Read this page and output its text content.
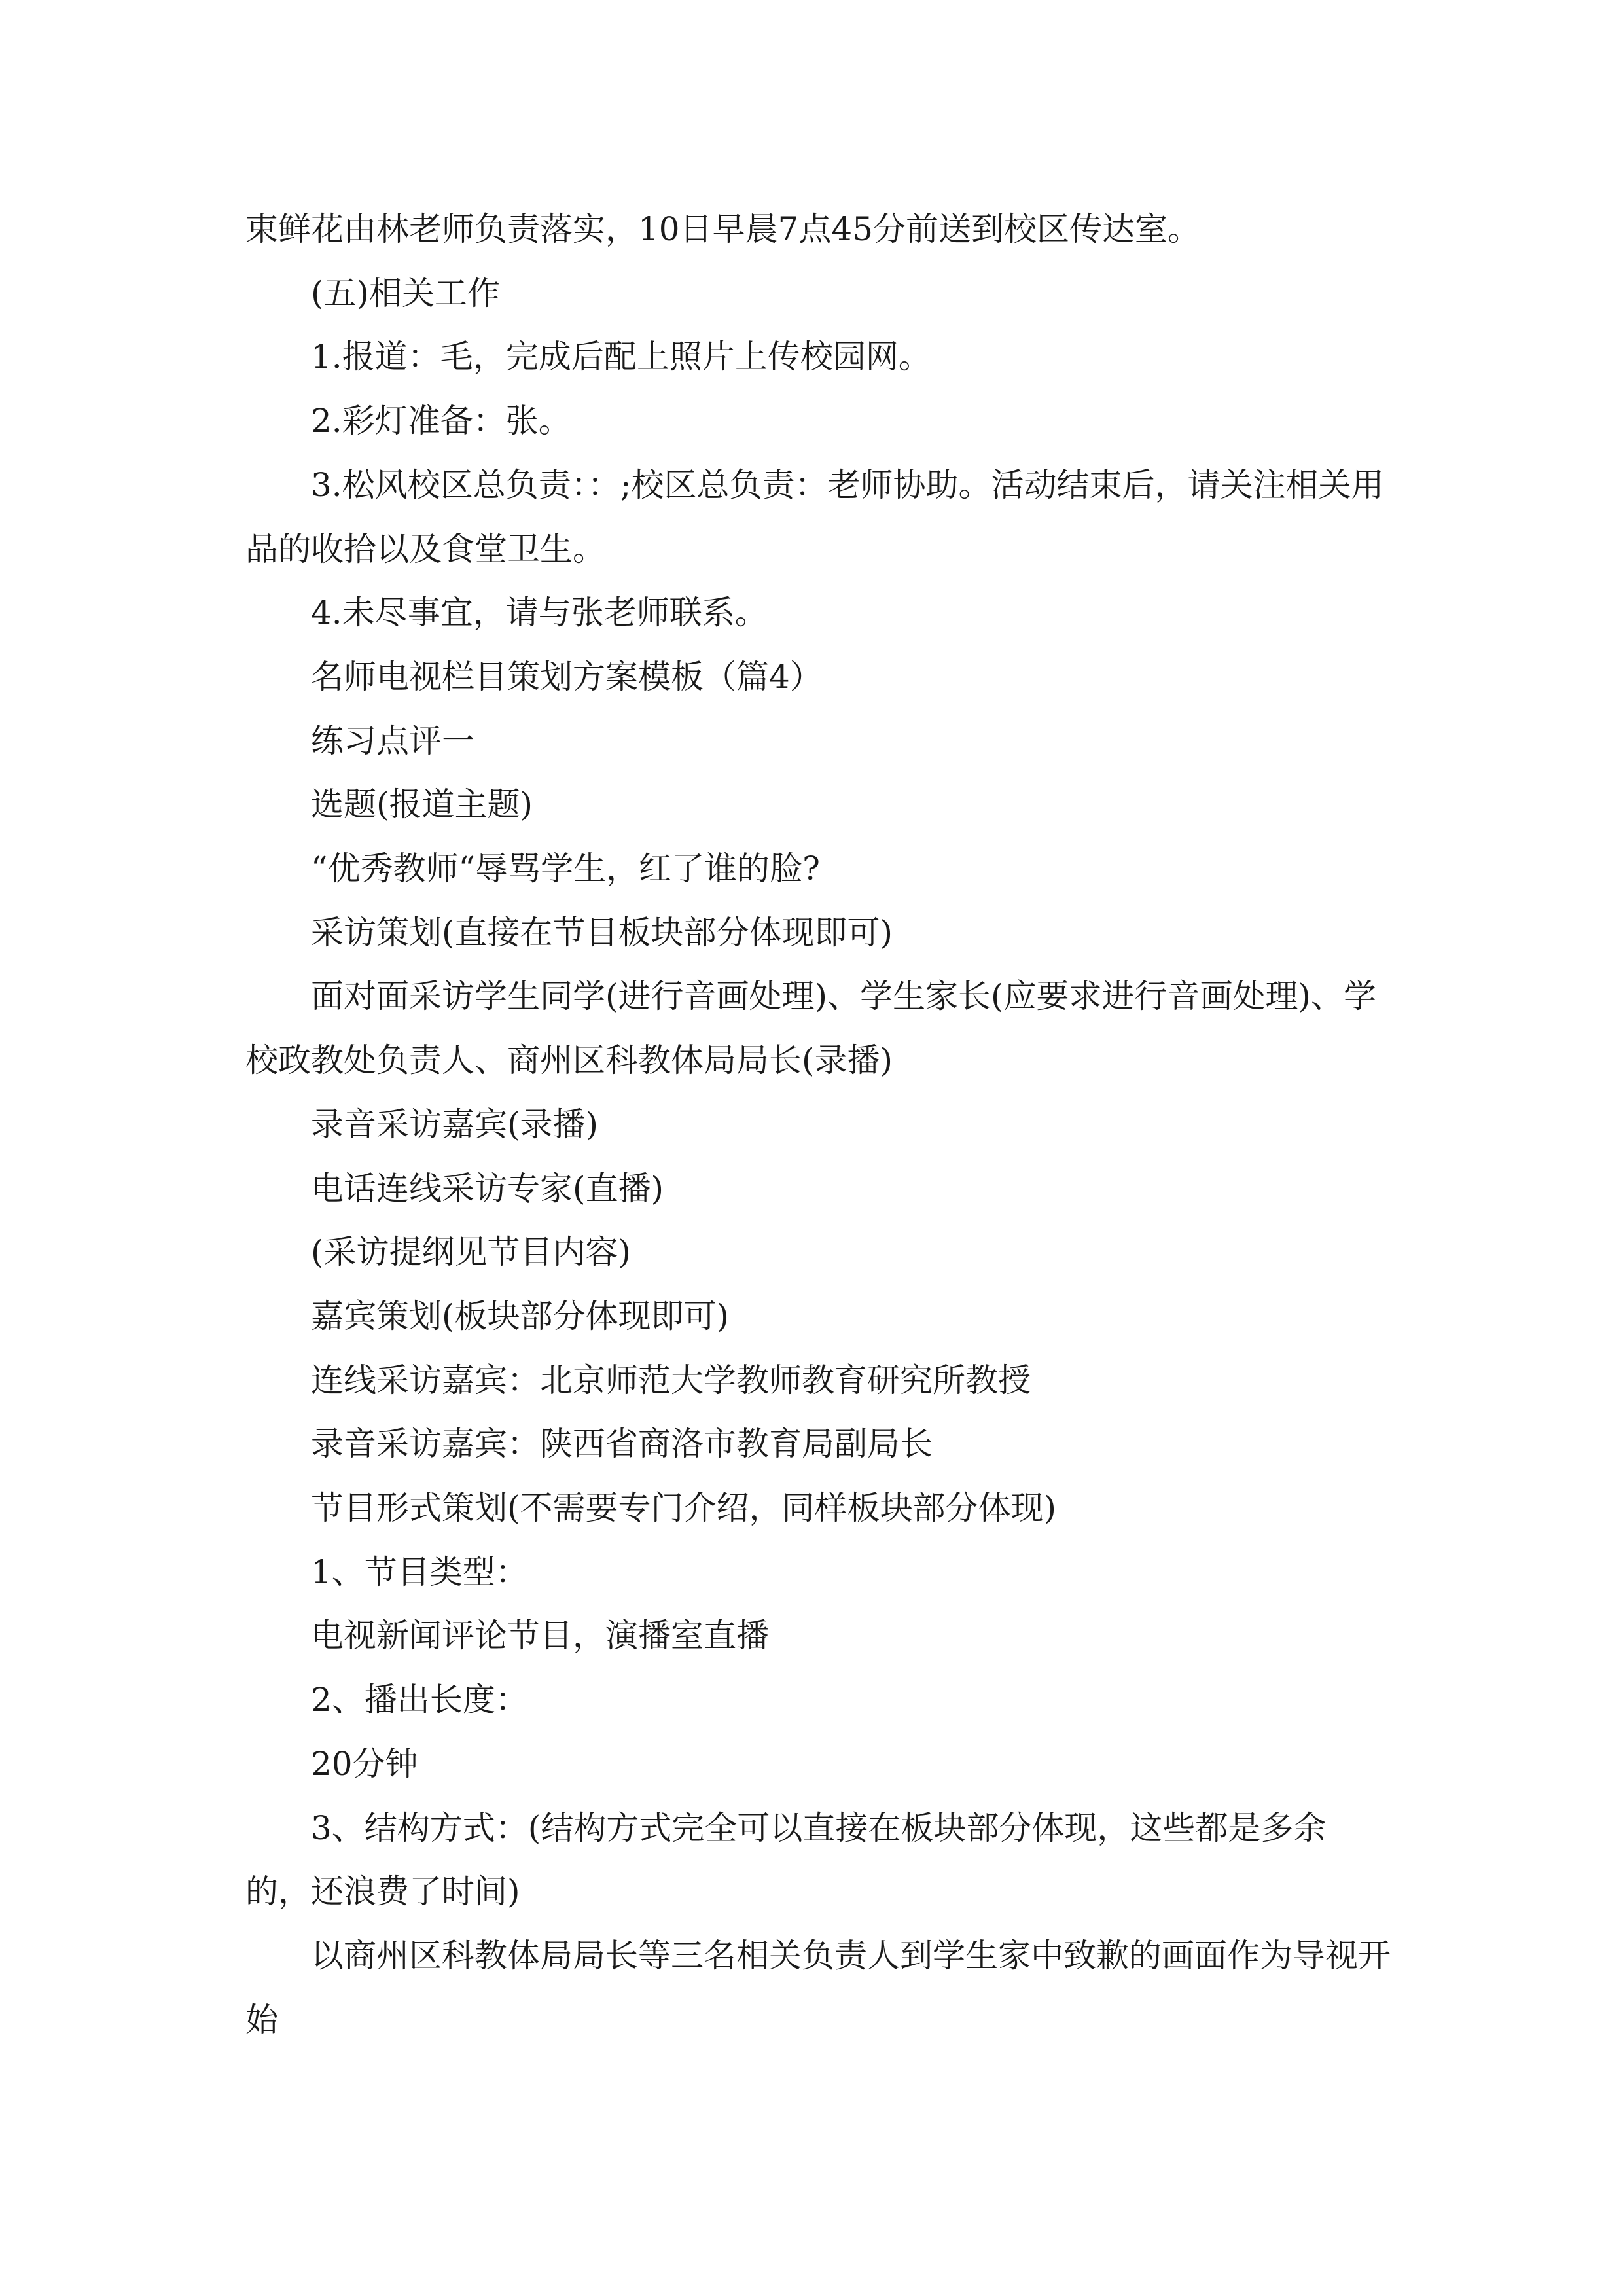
束鲜花由林老师负责落实，10日早晨7点45分前送到校区传达室。

(五)相关工作

1.报道：毛，完成后配上照片上传校园网。

2.彩灯准备：张。

3.松风校区总负责：：;校区总负责：老师协助。活动结束后，请关注相关用品的收拾以及食堂卫生。

4.未尽事宜，请与张老师联系。

名师电视栏目策划方案模板（篇4）

练习点评一

选题(报道主题)

“优秀教师“辱骂学生，红了谁的脸?

采访策划(直接在节目板块部分体现即可)

面对面采访学生同学(进行音画处理)、学生家长(应要求进行音画处理)、学校政教处负责人、商州区科教体局局长(录播)

录音采访嘉宾(录播)

电话连线采访专家(直播)

(采访提纲见节目内容)

嘉宾策划(板块部分体现即可)

连线采访嘉宾：北京师范大学教师教育研究所教授

录音采访嘉宾：陕西省商洛市教育局副局长

节目形式策划(不需要专门介绍，同样板块部分体现)

1、节目类型：

电视新闻评论节目，演播室直播

2、播出长度：

20分钟

3、结构方式：(结构方式完全可以直接在板块部分体现，这些都是多余的，还浪费了时间)

以商州区科教体局局长等三名相关负责人到学生家中致歉的画面作为导视开始
